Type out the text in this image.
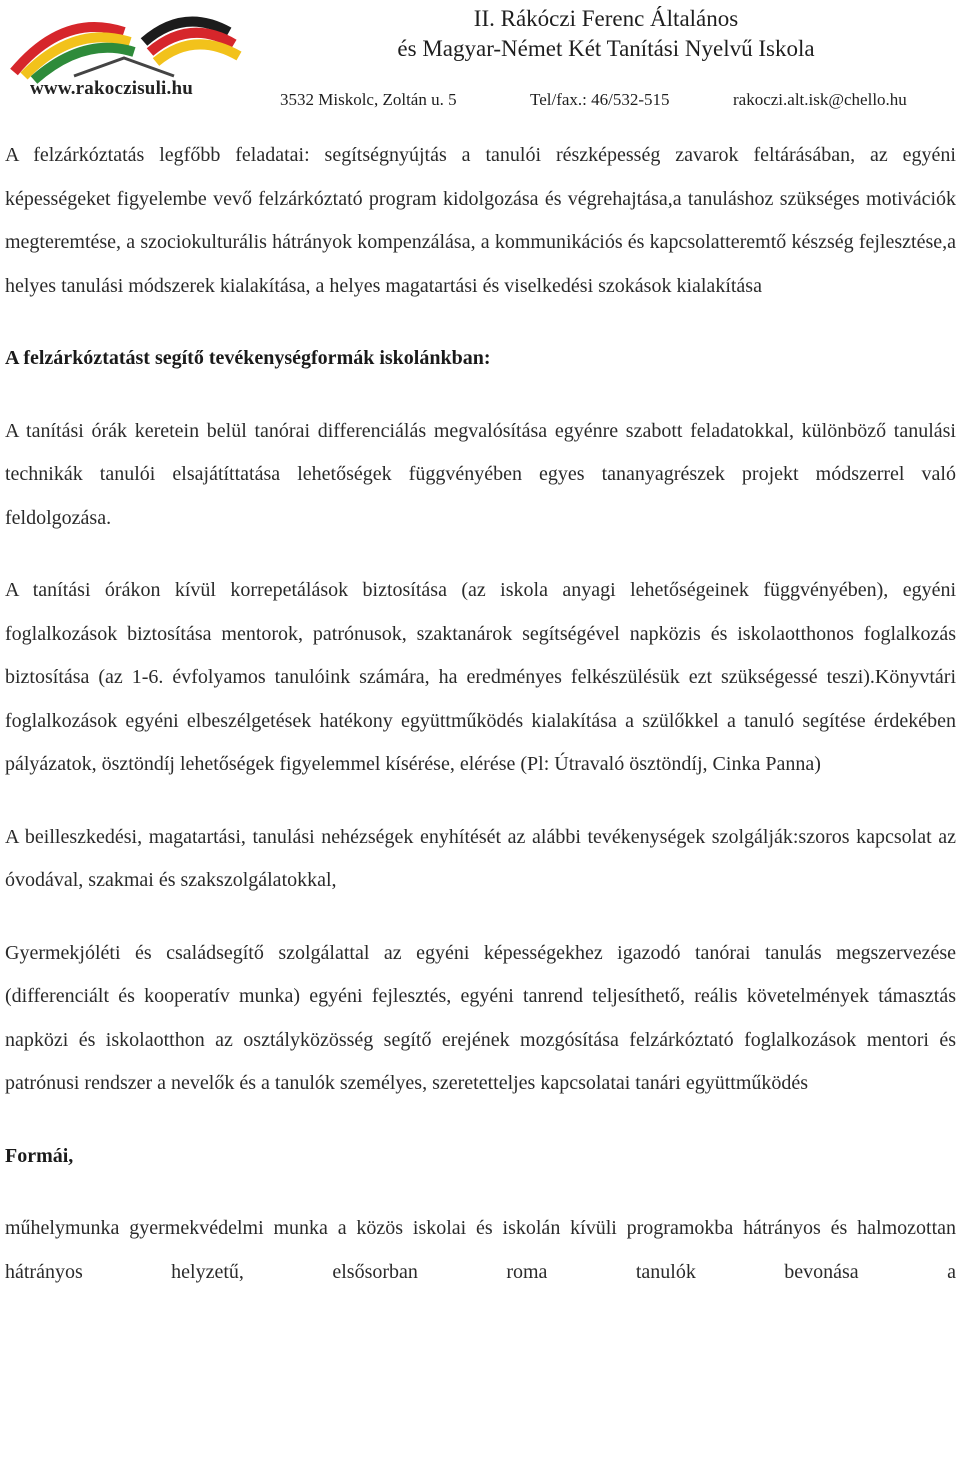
www.rakoczisuli.hu
II. Rákóczi Ferenc Általános
és Magyar-Német Két Tanítási Nyelvű Iskola
3532 Miskolc, Zoltán u. 5	Tel/fax.: 46/532-515	rakoczi.alt.isk@chello.hu

A felzárkóztatás legfőbb feladatai: segítségnyújtás a tanulói részképesség zavarok feltárásában, az egyéni képességeket figyelembe vevő felzárkóztató program kidolgozása és végrehajtása,a tanuláshoz szükséges motivációk megteremtése, a szociokulturális hátrányok kompenzálása, a kommunikációs és kapcsolatteremtő készség fejlesztése,a helyes tanulási módszerek kialakítása, a helyes magatartási és viselkedési szokások kialakítása

A felzárkóztatást segítő tevékenységformák iskolánkban:

A tanítási órák keretein belül tanórai differenciálás megvalósítása egyénre szabott feladatokkal, különböző tanulási technikák tanulói elsajátíttatása lehetőségek függvényében egyes tananyagrészek projekt módszerrel való feldolgozása.

A tanítási órákon kívül korrepetálások biztosítása (az iskola anyagi lehetőségeinek függvényében), egyéni foglalkozások biztosítása mentorok, patrónusok, szaktanárok segítségével napközis és iskolaotthonos foglalkozás biztosítása (az 1-6. évfolyamos tanulóink számára, ha eredményes felkészülésük ezt szükségessé teszi).Könyvtári foglalkozások egyéni elbeszélgetések hatékony együttműködés kialakítása a szülőkkel a tanuló segítése érdekében pályázatok, ösztöndíj lehetőségek figyelemmel kísérése, elérése (Pl: Útravaló ösztöndíj, Cinka Panna)

A beilleszkedési, magatartási, tanulási nehézségek enyhítését az alábbi tevékenységek szolgálják:szoros kapcsolat az óvodával, szakmai és szakszolgálatokkal,

Gyermekjóléti és családsegítő szolgálattal az egyéni képességekhez igazodó tanórai tanulás megszervezése (differenciált és kooperatív munka) egyéni fejlesztés, egyéni tanrend teljesíthető, reális követelmények támasztás napközi és iskolaotthon az osztályközösség segítő erejének mozgósítása felzárkóztató foglalkozások mentori és patrónusi rendszer a nevelők és a tanulók személyes, szeretetteljes kapcsolatai tanári együttműködés

Formái,

műhelymunka gyermekvédelmi munka a közös iskolai és iskolán kívüli programokba hátrányos és halmozottan hátrányos helyzetű, elsősorban roma tanulók bevonása a
